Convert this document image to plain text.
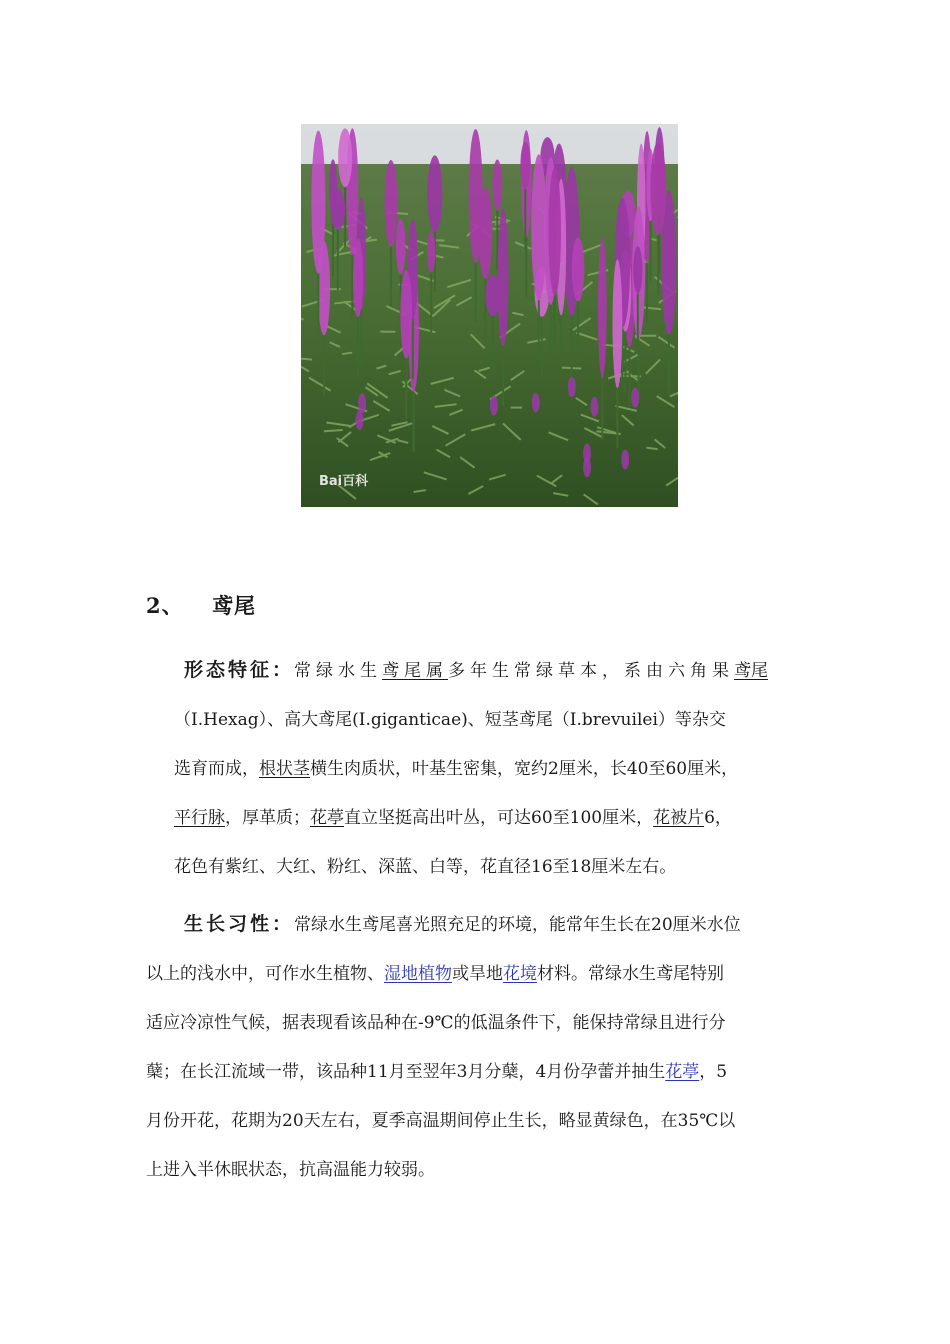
Bai百科
2、 鸢尾
形态特征：常绿水生鸢尾属多年生常绿草本，系由六角果鸢尾
（I.Hexag）、高大鸢尾(I.giganticae)、短茎鸢尾（I.brevuilei）等杂交
选育而成，根状茎横生肉质状，叶基生密集，宽约2厘米，长40至60厘米，
平行脉，厚革质；花葶直立坚挺高出叶丛，可达60至100厘米，花被片6，
花色有紫红、大红、粉红、深蓝、白等，花直径16至18厘米左右。
生长习性：常绿水生鸢尾喜光照充足的环境，能常年生长在20厘米水位
以上的浅水中，可作水生植物、湿地植物或旱地花境材料。常绿水生鸢尾特别
适应冷凉性气候，据表现看该品种在-9℃的低温条件下，能保持常绿且进行分
蘖；在长江流域一带，该品种11月至翌年3月分蘖，4月份孕蕾并抽生花葶，5
月份开花，花期为20天左右，夏季高温期间停止生长，略显黄绿色，在35℃以
上进入半休眠状态，抗高温能力较弱。
